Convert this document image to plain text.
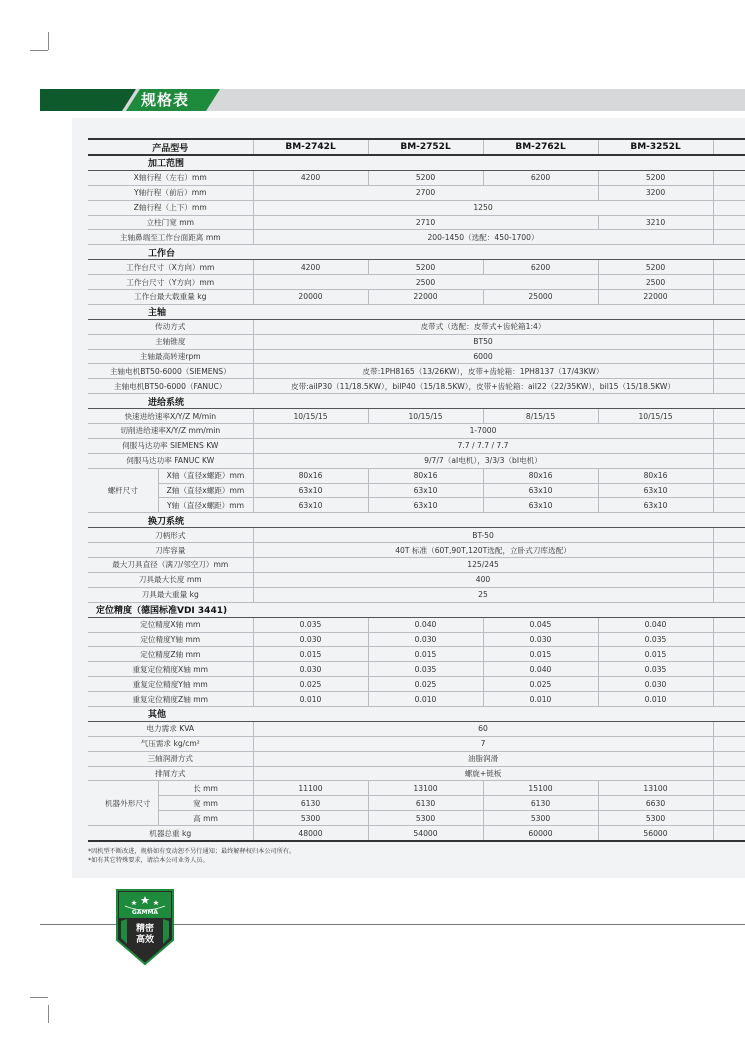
规格表
产品型号		BM-2742L	BM-2752L	BM-2762L	BM-3252L	
加工范围						
X轴行程（左右）mm		4200	5200	6200	5200	
Y轴行程（前后）mm		2700			3200	
Z轴行程（上下）mm		1250				
立柱门宽 mm		2710			3210	
主轴鼻端至工作台面距离 mm		200-1450（选配：450-1700）				
工作台						
工作台尺寸（X方向）mm		4200	5200	6200	5200	
工作台尺寸（Y方向）mm		2500			2500	
工作台最大载重量 kg		20000	22000	25000	22000	
主轴						
传动方式		皮带式（选配：皮带式+齿轮箱1:4）				
主轴锥度		BT50				
主轴最高转速rpm		6000				
主轴电机BT50-6000（SIEMENS）		皮带:1PH8165（13/26KW），皮带+齿轮箱：1PH8137（17/43KW）				
主轴电机BT50-6000（FANUC）		皮带:aiIP30（11/18.5KW），biIP40（15/18.5KW），皮带+齿轮箱：aiI22（22/35KW），bil15（15/18.5KW）				
进给系统						
快速进给速率X/Y/Z M/min		10/15/15	10/15/15	8/15/15	10/15/15	
切削进给速率X/Y/Z mm/min		1-7000				
伺服马达功率 SIEMENS KW		7.7 / 7.7 / 7.7				
伺服马达功率 FANUC KW		9/7/7（aI电机），3/3/3（bI电机）				
螺杆尺寸	X轴（直径x螺距）mm	80x16	80x16	80x16	80x16	
	Z轴（直径x螺距）mm	63x10	63x10	63x10	63x10	
	Y轴（直径x螺距）mm	63x10	63x10	63x10	63x10	
换刀系统						
刀柄形式		BT-50				
刀库容量		40T 标准（60T,90T,120T选配，立卧式刀库选配）				
最大刀具直径（满刀/邻空刀）mm		125/245				
刀具最大长度 mm		400				
刀具最大重量 kg		25				
定位精度（德国标准VDI 3441)						
定位精度X轴 mm		0.035	0.040	0.045	0.040	
定位精度Y轴 mm		0.030	0.030	0.030	0.035	
定位精度Z轴 mm		0.015	0.015	0.015	0.015	
重复定位精度X轴 mm		0.030	0.035	0.040	0.035	
重复定位精度Y轴 mm		0.025	0.025	0.025	0.030	
重复定位精度Z轴 mm		0.010	0.010	0.010	0.010	
其他						
电力需求 KVA		60				
气压需求 kg/cm²		7				
三轴润滑方式		油脂润滑				
排屑方式		螺旋+链板				
机器外形尺寸	长 mm	11100	13100	15100	13100	
	宽 mm	6130	6130	6130	6630	
	高 mm	5300	5300	5300	5300	
机器总重 kg		48000	54000	60000	56000	
*因机型不断改进，规格如有变动恕不另行通知；最终解释权归本公司所有。
*如有其它特殊要求，请洽本公司业务人员。
GAMMA
精密
高效
